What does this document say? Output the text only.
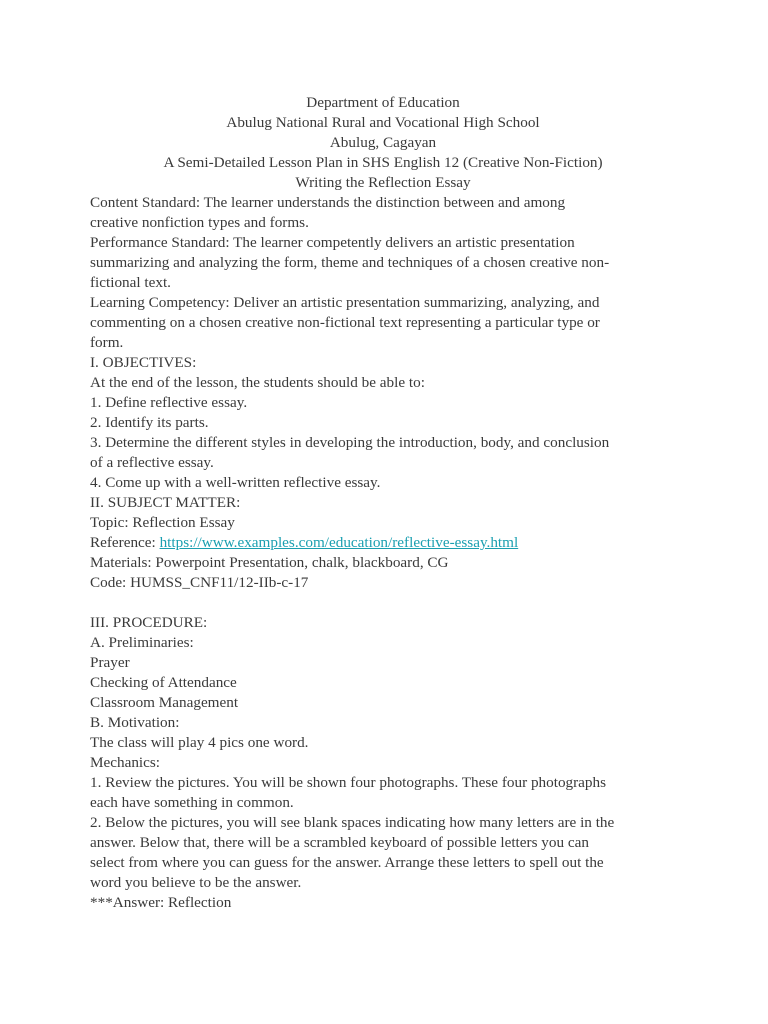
Department of Education
Abulug National Rural and Vocational High School
Abulug, Cagayan
A Semi-Detailed Lesson Plan in SHS English 12 (Creative Non-Fiction)
Writing the Reflection Essay
Content Standard: The learner understands the distinction between and among
creative nonfiction types and forms.
Performance Standard: The learner competently delivers an artistic presentation
summarizing and analyzing the form, theme and techniques of a chosen creative non-
fictional text.
Learning Competency: Deliver an artistic presentation summarizing, analyzing, and
commenting on a chosen creative non-fictional text representing a particular type or
form.
I. OBJECTIVES:
At the end of the lesson, the students should be able to:
1. Define reflective essay.
2. Identify its parts.
3. Determine the different styles in developing the introduction, body, and conclusion
of a reflective essay.
4. Come up with a well-written reflective essay.
II. SUBJECT MATTER:
Topic: Reflection Essay
Reference: https://www.examples.com/education/reflective-essay.html
Materials: Powerpoint Presentation, chalk, blackboard, CG
Code: HUMSS_CNF11/12-IIb-c-17
III. PROCEDURE:
A. Preliminaries:
Prayer
Checking of Attendance
Classroom Management
B. Motivation:
The class will play 4 pics one word.
Mechanics:
1. Review the pictures. You will be shown four photographs. These four photographs
each have something in common.
2. Below the pictures, you will see blank spaces indicating how many letters are in the
answer. Below that, there will be a scrambled keyboard of possible letters you can
select from where you can guess for the answer. Arrange these letters to spell out the
word you believe to be the answer.
***Answer: Reflection
